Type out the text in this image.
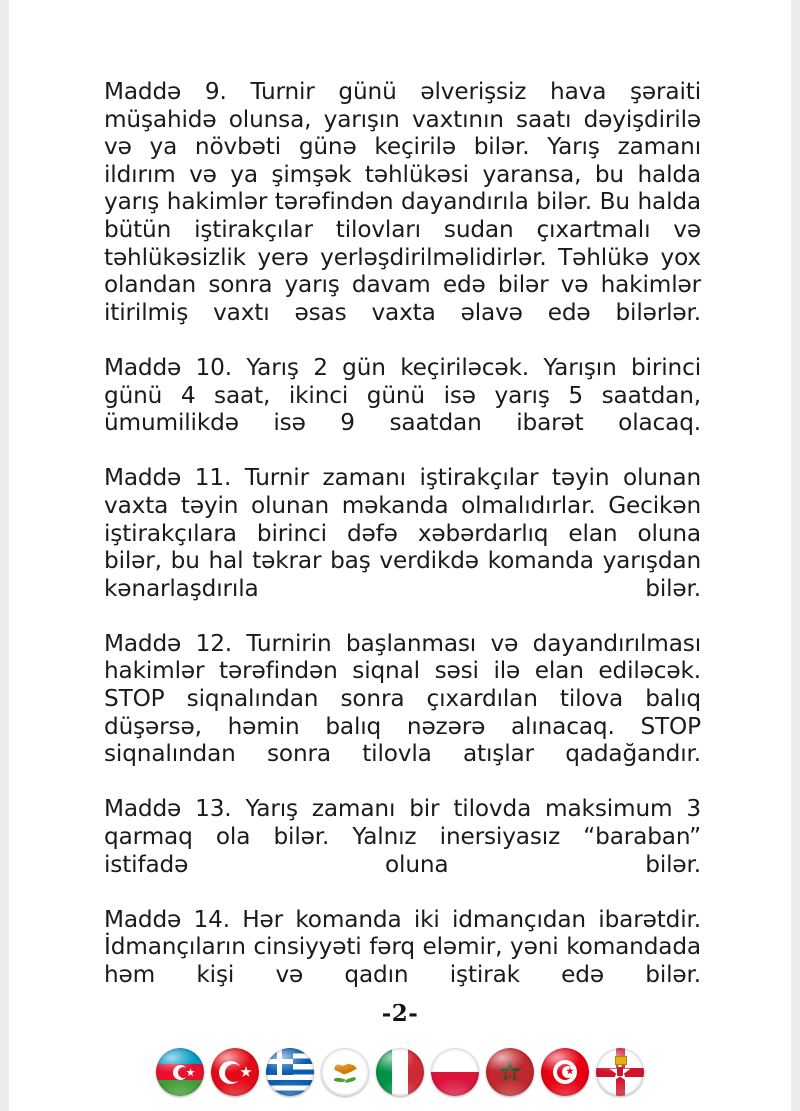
Maddə 9. Turnir günü əlverişsiz hava şəraiti müşahidə olunsa, yarışın vaxtının saatı dəyişdirilə və ya növbəti günə keçirilə bilər. Yarış zamanı ildırım və ya şimşək təhlükəsi yaransa, bu halda yarış hakimlər tərəfindən dayandırıla bilər. Bu halda bütün iştirakçılar tilovları sudan çıxartmalı və təhlükəsizlik yerə yerləşdirilməlidirlər. Təhlükə yox olandan sonra yarış davam edə bilər və hakimlər itirilmiş vaxtı əsas vaxta əlavə edə bilərlər.

Maddə 10. Yarış 2 gün keçiriləcək. Yarışın birinci günü 4 saat, ikinci günü isə yarış 5 saatdan, ümumilikdə isə 9 saatdan ibarət olacaq.

Maddə 11. Turnir zamanı iştirakçılar təyin olunan vaxta təyin olunan məkanda olmalıdırlar. Gecikən iştirakçılara birinci dəfə xəbərdarlıq elan oluna bilər, bu hal təkrar baş verdikdə komanda yarışdan kənarlaşdırıla bilər.

Maddə 12. Turnirin başlanması və dayandırılması hakimlər tərəfindən siqnal səsi ilə elan ediləcək. STOP siqnalından sonra çıxardılan tilova balıq düşərsə, həmin balıq nəzərə alınacaq. STOP siqnalından sonra tilovla atışlar qadağandır.

Maddə 13. Yarış zamanı bir tilovda maksimum 3 qarmaq ola bilər. Yalnız inersiyasız “baraban” istifadə oluna bilər.

Maddə 14. Hər komanda iki idmançıdan ibarətdir. İdmançıların cinsiyyəti fərq eləmir, yəni komandada həm kişi və qadın iştirak edə bilər.

-2-
